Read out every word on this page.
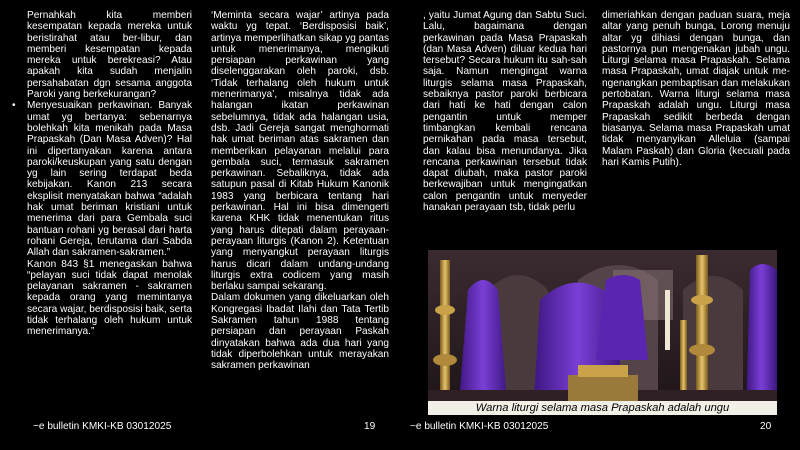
Pernahkah kita memberi kesempatan kepada mereka untuk beristirahat atau ber-libur, dan memberi kesempatan kepada mereka untuk berekreasi? Atau apakah kita sudah menjalin persahabatan dgn sesama anggota Paroki yang berkekurangan?

• Menyesuaikan perkawinan. Banyak umat yg bertanya: sebenarnya bolehkah kita menikah pada Masa Prapaskah (Dan Masa Adven)? Hal ini dipertanyakan karena antara paroki/keuskupan yang satu dengan yg lain sering terdapat beda kebijakan. Kanon 213 secara eksplisit menyatakan bahwa “adalah hak umat beriman kristiani untuk menerima dari para Gembala suci bantuan rohani yg berasal dari harta rohani Gereja, terutama dari Sabda Allah dan sakramen-sakramen.”

Kanon 843 §1 menegaskan bahwa “pelayan suci tidak dapat menolak pelayanan sakramen - sakramen kepada orang yang memintanya secara wajar, berdisposisi baik, serta tidak terhalang oleh hukum untuk menerimanya.”

‘Meminta secara wajar’ artinya pada waktu yg tepat. ‘Berdisposisi baik’, artinya memperlihatkan sikap yg pantas untuk menerimanya, mengikuti persiapan perkawinan yang diselenggarakan oleh paroki, dsb. ‘Tidak terhalang oleh hukum untuk menerimanya’, misalnya tidak ada halangan ikatan perkawinan sebelumnya, tidak ada halangan usia, dsb. Jadi Gereja sangat menghormati hak umat beriman atas sakramen dan memberikan pelayanan melalui para gembala suci, termasuk sakramen perkawinan. Sebaliknya, tidak ada satupun pasal di Kitab Hukum Kanonik 1983 yang berbicara tentang hari perkawinan. Hal ini bisa dimengerti karena KHK tidak menentukan ritus yang harus ditepati dalam perayaan-perayaan liturgis (Kanon 2). Ketentuan yang menyangkut perayaan liturgis harus dicari dalam undang-undang liturgis extra codicem yang masih berlaku sampai sekarang.

Dalam dokumen yang dikeluarkan oleh Kongregasi Ibadat Ilahi dan Tata Tertib Sakramen tahun 1988 tentang persiapan dan perayaan Paskah dinyatakan bahwa ada dua hari yang tidak diperbolehkan untuk merayakan sakramen perkawinan

~e bulletin KMKI-KB 03012025	19

, yaitu Jumat Agung dan Sabtu Suci. Lalu, bagaimana dengan perkawinan pada Masa Prapaskah (dan Masa Adven) diluar kedua hari tersebut? Secara hukum itu sah-sah saja. Namun mengingat warna liturgis selama masa Prapaskah, sebaiknya pastor paroki berbicara dari hati ke hati dengan calon pengantin untuk memper timbangkan kembali rencana pernikahan pada masa tersebut, dan kalau bisa menundanya. Jika rencana perkawinan tersebut tidak dapat diubah, maka pastor paroki berkewajiban untuk mengingatkan calon pengantin untuk menyeder hanakan perayaan tsb, tidak perlu

dimeriahkan dengan paduan suara, meja altar yang penuh bunga, Lorong menuju altar yg dihiasi dengan bunga, dan pastornya pun mengenakan jubah ungu. Liturgi selama masa Prapaskah. Selama masa Prapaskah, umat diajak untuk me-ngenangkan pembaptisan dan melakukan pertobatan. Warna liturgi selama masa Prapaskah adalah ungu. Liturgi masa Prapaskah sedikit berbeda dengan biasanya. Selama masa Prapaskah umat tidak menyanyikan Alleluia (sampai Malam Paskah) dan Gloria (kecuali pada hari Kamis Putih).

Warna liturgi selama masa Prapaskah adalah ungu
~e bulletin KMKI-KB 03012025	20
